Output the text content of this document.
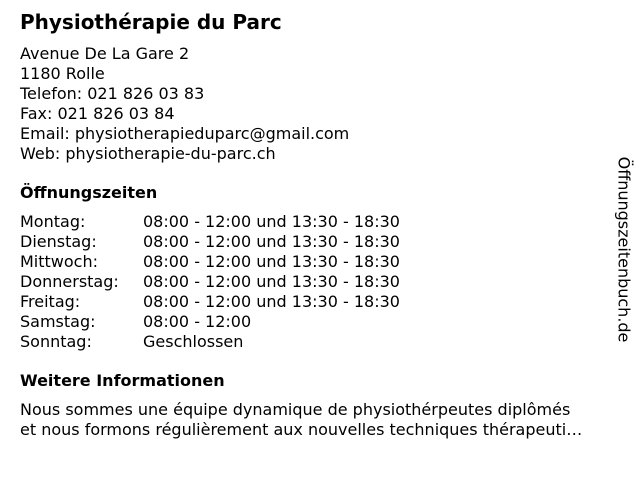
Physiothérapie du Parc
Avenue De La Gare 2
1180 Rolle
Telefon: 021 826 03 83
Fax: 021 826 03 84
Email: physiotherapieduparc@gmail.com
Web: physiotherapie-du-parc.ch
Öffnungszeiten
Montag:	08:00 - 12:00 und 13:30 - 18:30
Dienstag:	08:00 - 12:00 und 13:30 - 18:30
Mittwoch:	08:00 - 12:00 und 13:30 - 18:30
Donnerstag:	08:00 - 12:00 und 13:30 - 18:30
Freitag:	08:00 - 12:00 und 13:30 - 18:30
Samstag:	08:00 - 12:00
Sonntag:	Geschlossen
Weitere Informationen
Nous sommes une équipe dynamique de physiothérpeutes diplômés
et nous formons régulièrement aux nouvelles techniques thérapeuti…
Öffnungszeitenbuch.de
